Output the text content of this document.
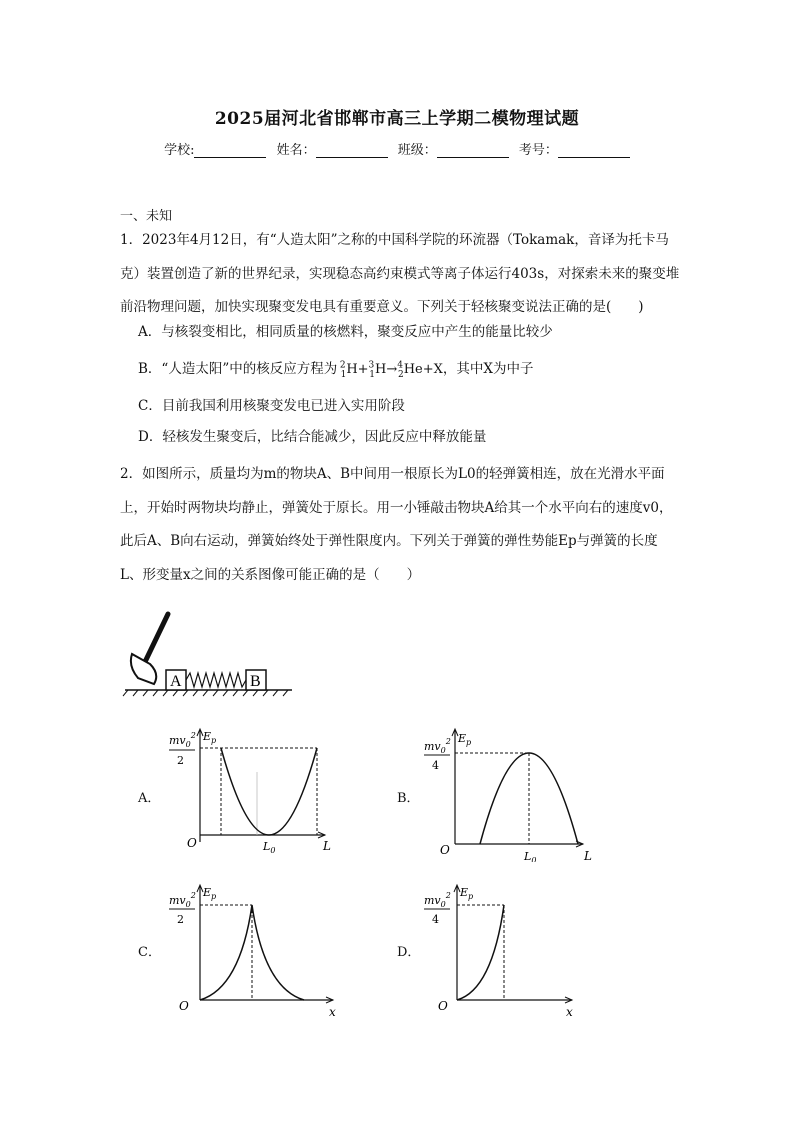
2025届河北省邯郸市高三上学期二模物理试题
学校:	姓名：	班级：	考号：
一、未知
1．2023年4月12日，有“人造太阳”之称的中国科学院的环流器（Tokamak，音译为托卡马克）装置创造了新的世界纪录，实现稳态高约束模式等离子体运行403s，对探索未来的聚变堆前沿物理问题，加快实现聚变发电具有重要意义。下列关于轻核聚变说法正确的是(　　)
A．与核裂变相比，相同质量的核燃料，聚变反应中产生的能量比较少
B．“人造太阳”中的核反应方程为  $^2_1$H+$^3_1$H→$^4_2$He+X，其中X为中子
C．目前我国利用核聚变发电已进入实用阶段
D．轻核发生聚变后，比结合能减少，因此反应中释放能量
2．如图所示，质量均为m的物块A、B中间用一根原长为L0的轻弹簧相连，放在光滑水平面上，开始时两物块均静止，弹簧处于原长。用一小锤敲击物块A给其一个水平向右的速度v0，此后A、B向右运动，弹簧始终处于弹性限度内。下列关于弹簧的弹性势能Ep与弹簧的长度L、形变量x之间的关系图像可能正确的是（　　）
A	B
A．
$mv_0^2$
2
$E_p$
O	$L_0$	L
B．
$mv_0^2$
4
$E_p$
O	$L_0$	L
C．
$mv_0^2$
2
$E_p$
O	x
D．
$mv_0^2$
4
$E_p$
O	x
